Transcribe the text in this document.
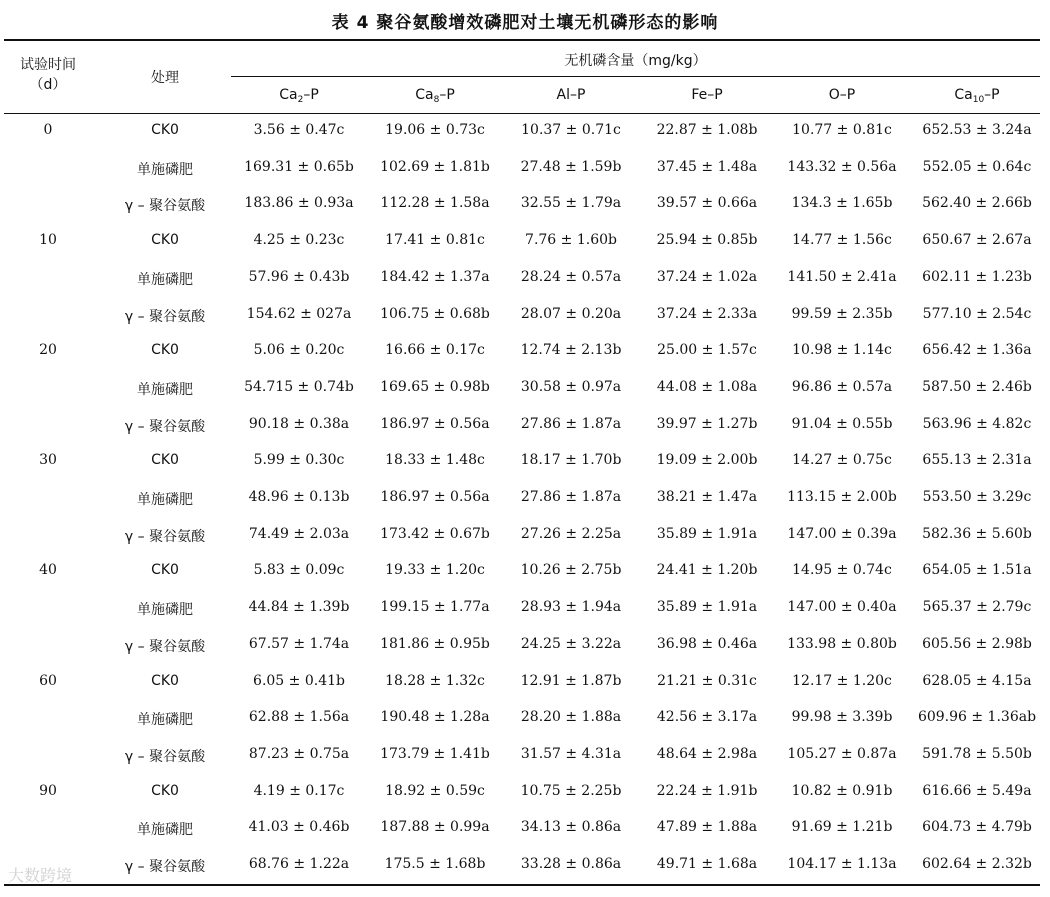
表 4 聚谷氨酸增效磷肥对土壤无机磷形态的影响
试验时间
（d）	处理
无机磷含量（mg/kg）
$Ca_2-P$	$Ca_8-P$	Al–P	Fe–P	O–P	$Ca_{10}-P$
0	CK0	3.56 ± 0.47c	19.06 ± 0.73c	10.37 ± 0.71c	22.87 ± 1.08b	10.77 ± 0.81c	652.53 ± 3.24a
单施磷肥	169.31 ± 0.65b	102.69 ± 1.81b	27.48 ± 1.59b	37.45 ± 1.48a	143.32 ± 0.56a	552.05 ± 0.64c
γ – 聚谷氨酸	183.86 ± 0.93a	112.28 ± 1.58a	32.55 ± 1.79a	39.57 ± 0.66a	134.3 ± 1.65b	562.40 ± 2.66b
10	CK0	4.25 ± 0.23c	17.41 ± 0.81c	7.76 ± 1.60b	25.94 ± 0.85b	14.77 ± 1.56c	650.67 ± 2.67a
单施磷肥	57.96 ± 0.43b	184.42 ± 1.37a	28.24 ± 0.57a	37.24 ± 1.02a	141.50 ± 2.41a	602.11 ± 1.23b
γ – 聚谷氨酸	154.62 ± 027a	106.75 ± 0.68b	28.07 ± 0.20a	37.24 ± 2.33a	99.59 ± 2.35b	577.10 ± 2.54c
20	CK0	5.06 ± 0.20c	16.66 ± 0.17c	12.74 ± 2.13b	25.00 ± 1.57c	10.98 ± 1.14c	656.42 ± 1.36a
单施磷肥	54.715 ± 0.74b	169.65 ± 0.98b	30.58 ± 0.97a	44.08 ± 1.08a	96.86 ± 0.57a	587.50 ± 2.46b
γ – 聚谷氨酸	90.18 ± 0.38a	186.97 ± 0.56a	27.86 ± 1.87a	39.97 ± 1.27b	91.04 ± 0.55b	563.96 ± 4.82c
30	CK0	5.99 ± 0.30c	18.33 ± 1.48c	18.17 ± 1.70b	19.09 ± 2.00b	14.27 ± 0.75c	655.13 ± 2.31a
单施磷肥	48.96 ± 0.13b	186.97 ± 0.56a	27.86 ± 1.87a	38.21 ± 1.47a	113.15 ± 2.00b	553.50 ± 3.29c
γ – 聚谷氨酸	74.49 ± 2.03a	173.42 ± 0.67b	27.26 ± 2.25a	35.89 ± 1.91a	147.00 ± 0.39a	582.36 ± 5.60b
40	CK0	5.83 ± 0.09c	19.33 ± 1.20c	10.26 ± 2.75b	24.41 ± 1.20b	14.95 ± 0.74c	654.05 ± 1.51a
单施磷肥	44.84 ± 1.39b	199.15 ± 1.77a	28.93 ± 1.94a	35.89 ± 1.91a	147.00 ± 0.40a	565.37 ± 2.79c
γ – 聚谷氨酸	67.57 ± 1.74a	181.86 ± 0.95b	24.25 ± 3.22a	36.98 ± 0.46a	133.98 ± 0.80b	605.56 ± 2.98b
60	CK0	6.05 ± 0.41b	18.28 ± 1.32c	12.91 ± 1.87b	21.21 ± 0.31c	12.17 ± 1.20c	628.05 ± 4.15a
单施磷肥	62.88 ± 1.56a	190.48 ± 1.28a	28.20 ± 1.88a	42.56 ± 3.17a	99.98 ± 3.39b	609.96 ± 1.36ab
γ – 聚谷氨酸	87.23 ± 0.75a	173.79 ± 1.41b	31.57 ± 4.31a	48.64 ± 2.98a	105.27 ± 0.87a	591.78 ± 5.50b
90	CK0	4.19 ± 0.17c	18.92 ± 0.59c	10.75 ± 2.25b	22.24 ± 1.91b	10.82 ± 0.91b	616.66 ± 5.49a
单施磷肥	41.03 ± 0.46b	187.88 ± 0.99a	34.13 ± 0.86a	47.89 ± 1.88a	91.69 ± 1.21b	604.73 ± 4.79b
γ – 聚谷氨酸	68.76 ± 1.22a	175.5 ± 1.68b	33.28 ± 0.86a	49.71 ± 1.68a	104.17 ± 1.13a	602.64 ± 2.32b
大数跨境
